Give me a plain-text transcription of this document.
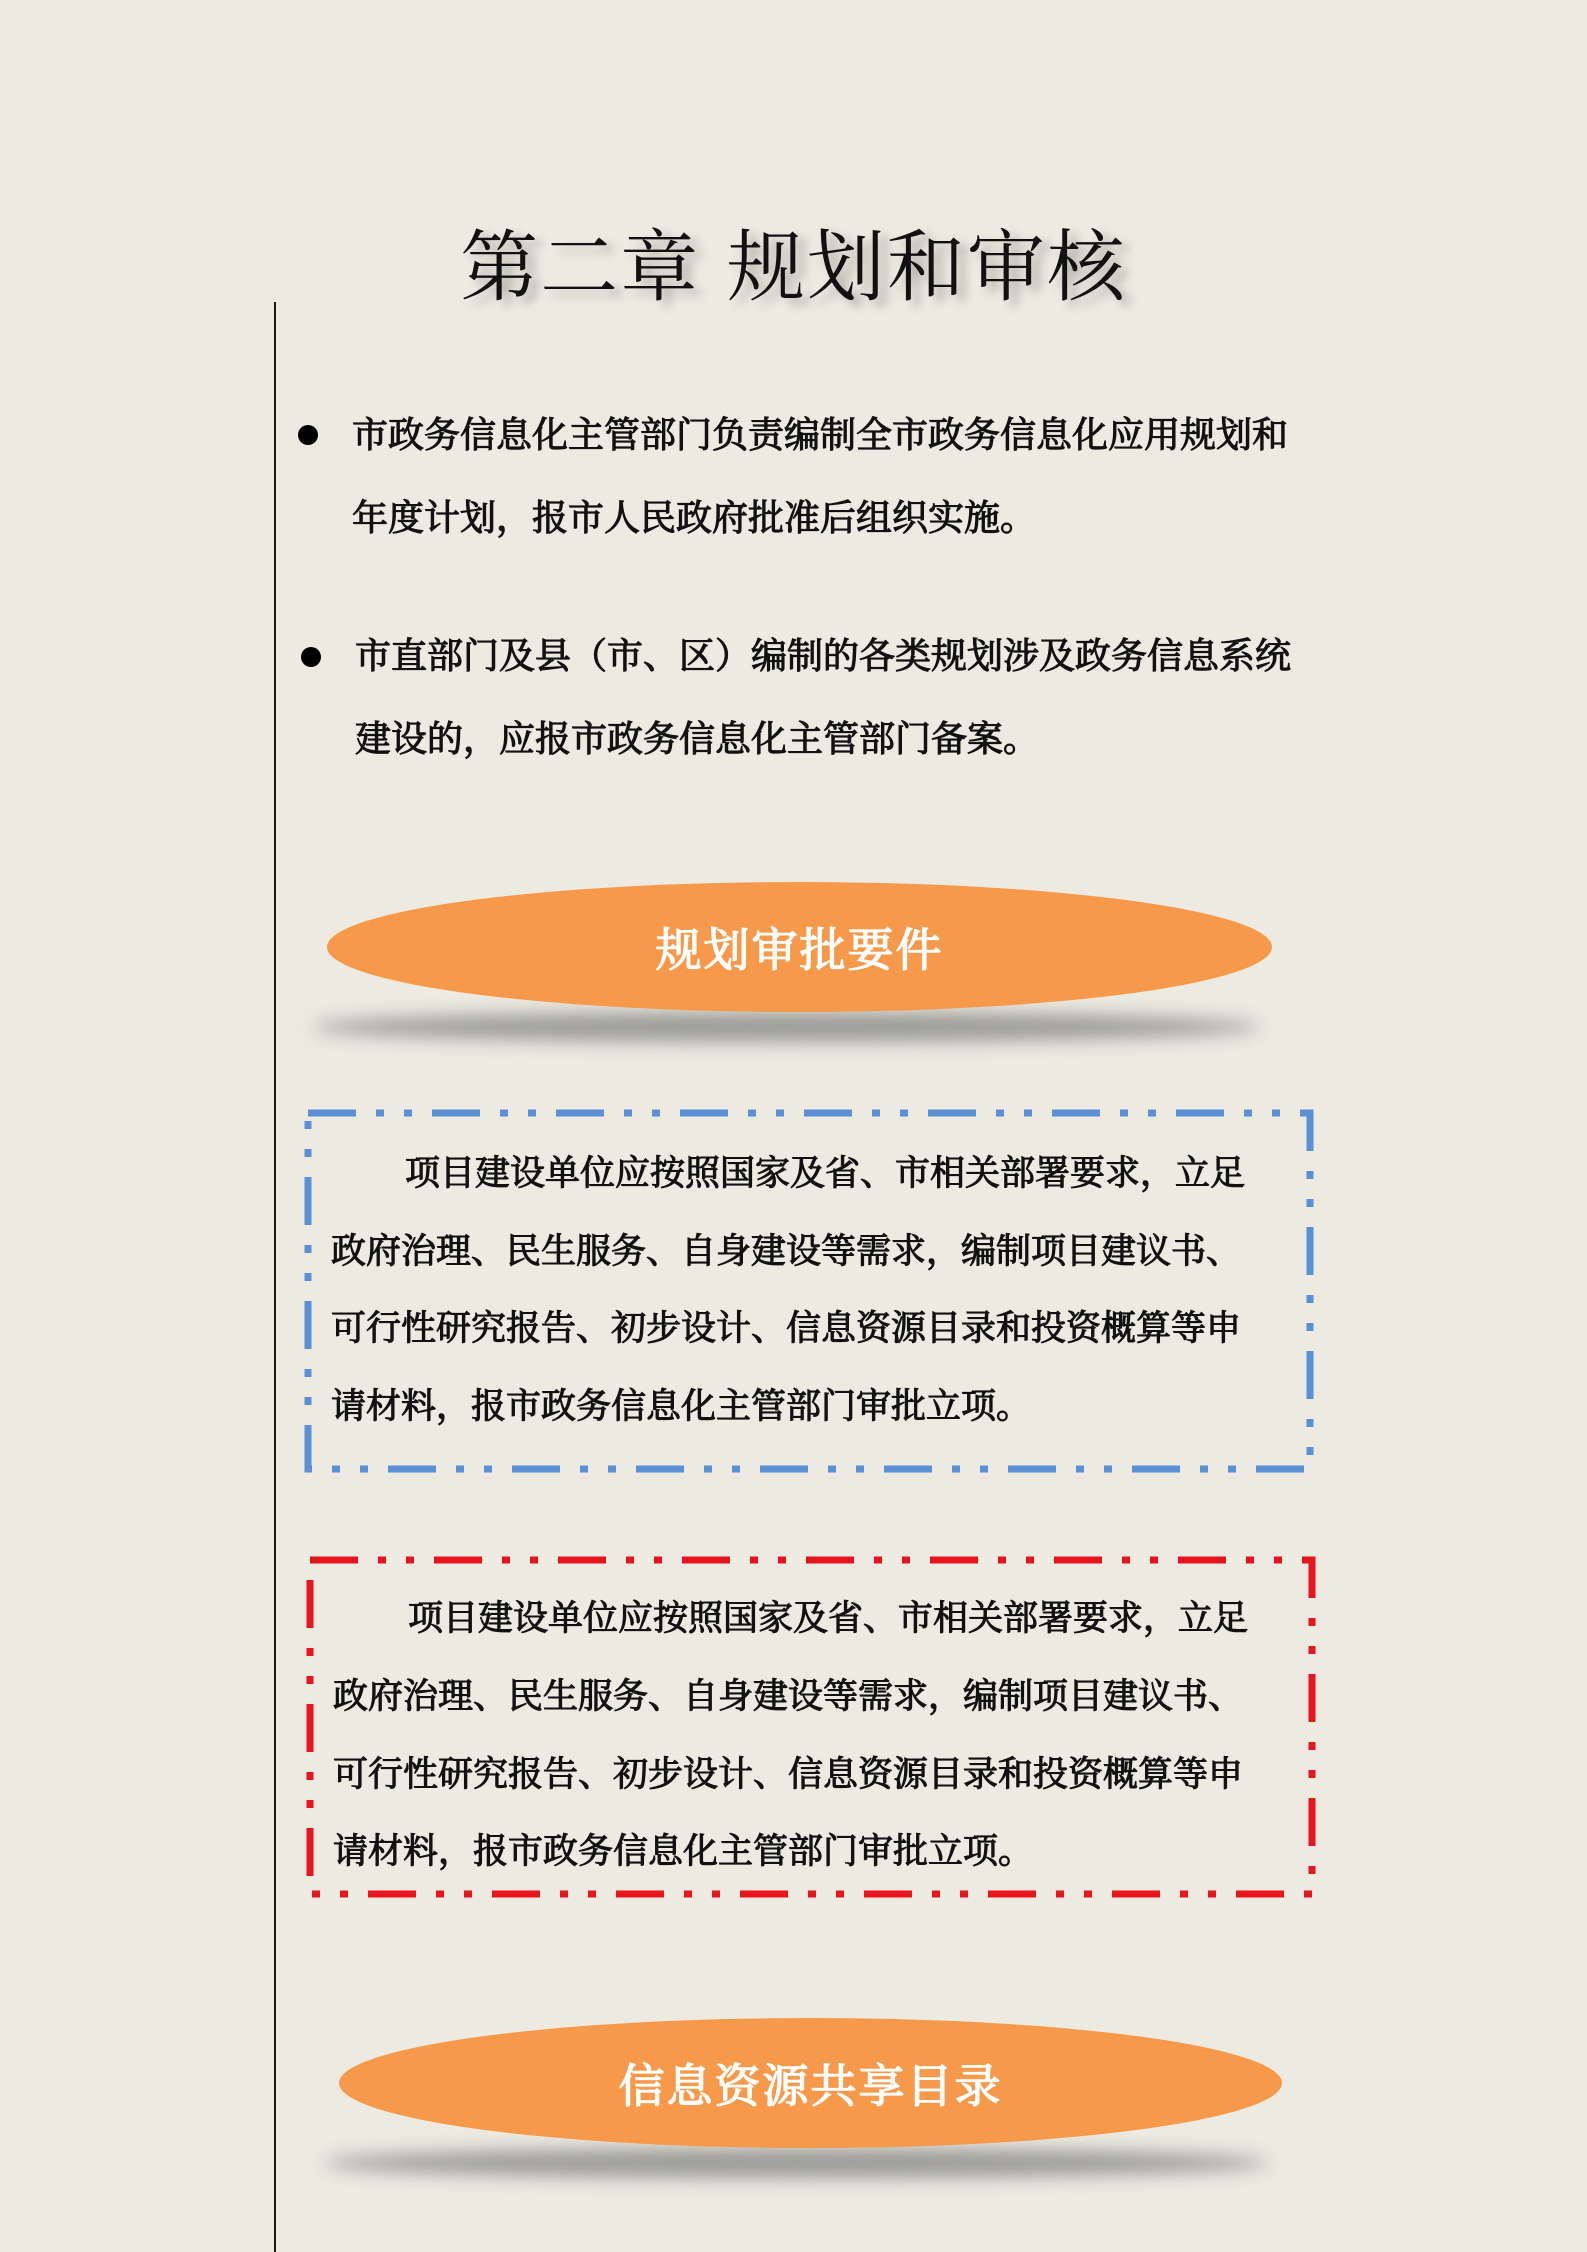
第二章 规划和审核
市政务信息化主管部门负责编制全市政务信息化应用规划和
年度计划，报市人民政府批准后组织实施。
市直部门及县（市、区）编制的各类规划涉及政务信息系统
建设的，应报市政务信息化主管部门备案。
规划审批要件
项目建设单位应按照国家及省、市相关部署要求，立足
政府治理、民生服务、自身建设等需求，编制项目建议书、
可行性研究报告、初步设计、信息资源目录和投资概算等申
请材料，报市政务信息化主管部门审批立项。
项目建设单位应按照国家及省、市相关部署要求，立足
政府治理、民生服务、自身建设等需求，编制项目建议书、
可行性研究报告、初步设计、信息资源目录和投资概算等申
请材料，报市政务信息化主管部门审批立项。
信息资源共享目录
